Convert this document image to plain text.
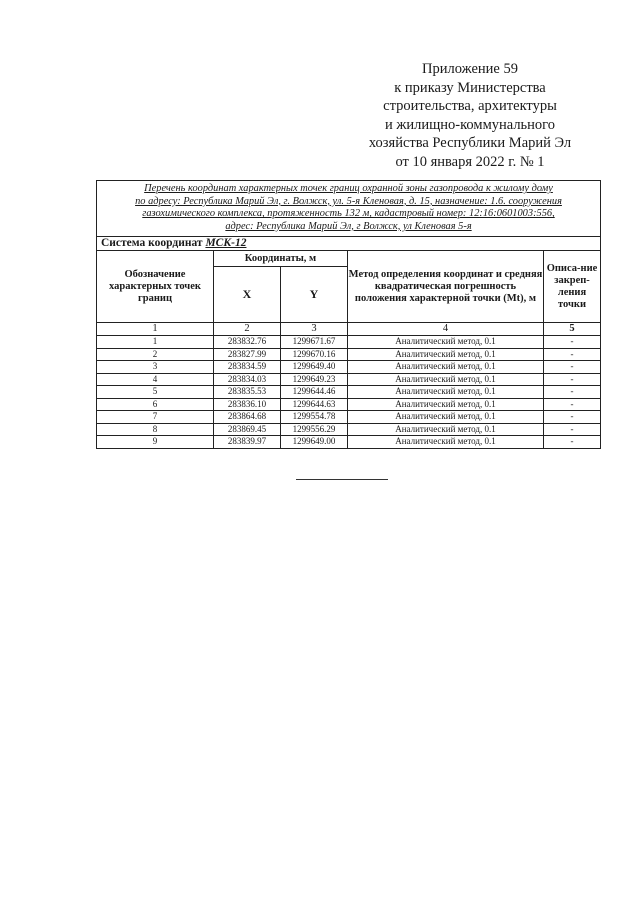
Приложение 59
к приказу Министерства
строительства, архитектуры
и жилищно-коммунального
хозяйства Республики Марий Эл
от 10 января 2022 г. № 1
Перечень координат характерных точек границ охранной зоны газопровода к жилому дому
по адресу: Республика Марий Эл, г. Волжск, ул. 5-я Кленовая, д. 15, назначение: 1.6. сооружения
газохимического комплекса, протяженность 132 м, кадастровый номер: 12:16:0601003:556,
адрес: Республика Марий Эл, г Волжск, ул Кленовая 5-я				

Система координат МСК-12				
Обозначение характерных точек границ	Координаты, м		Метод определения координат и средняя квадратическая погрешность положения характерной точки (Mt), м	Описа-ние закреп-ления точки
	X	Y		
1	2	3	4	5
1	283832.76	1299671.67	Аналитический метод, 0.1	-
2	283827.99	1299670.16	Аналитический метод, 0.1	-
3	283834.59	1299649.40	Аналитический метод, 0.1	-
4	283834.03	1299649.23	Аналитический метод, 0.1	-
5	283835.53	1299644.46	Аналитический метод, 0.1	-
6	283836.10	1299644.63	Аналитический метод, 0.1	-
7	283864.68	1299554.78	Аналитический метод, 0.1	-
8	283869.45	1299556.29	Аналитический метод, 0.1	-
9	283839.97	1299649.00	Аналитический метод, 0.1	-
